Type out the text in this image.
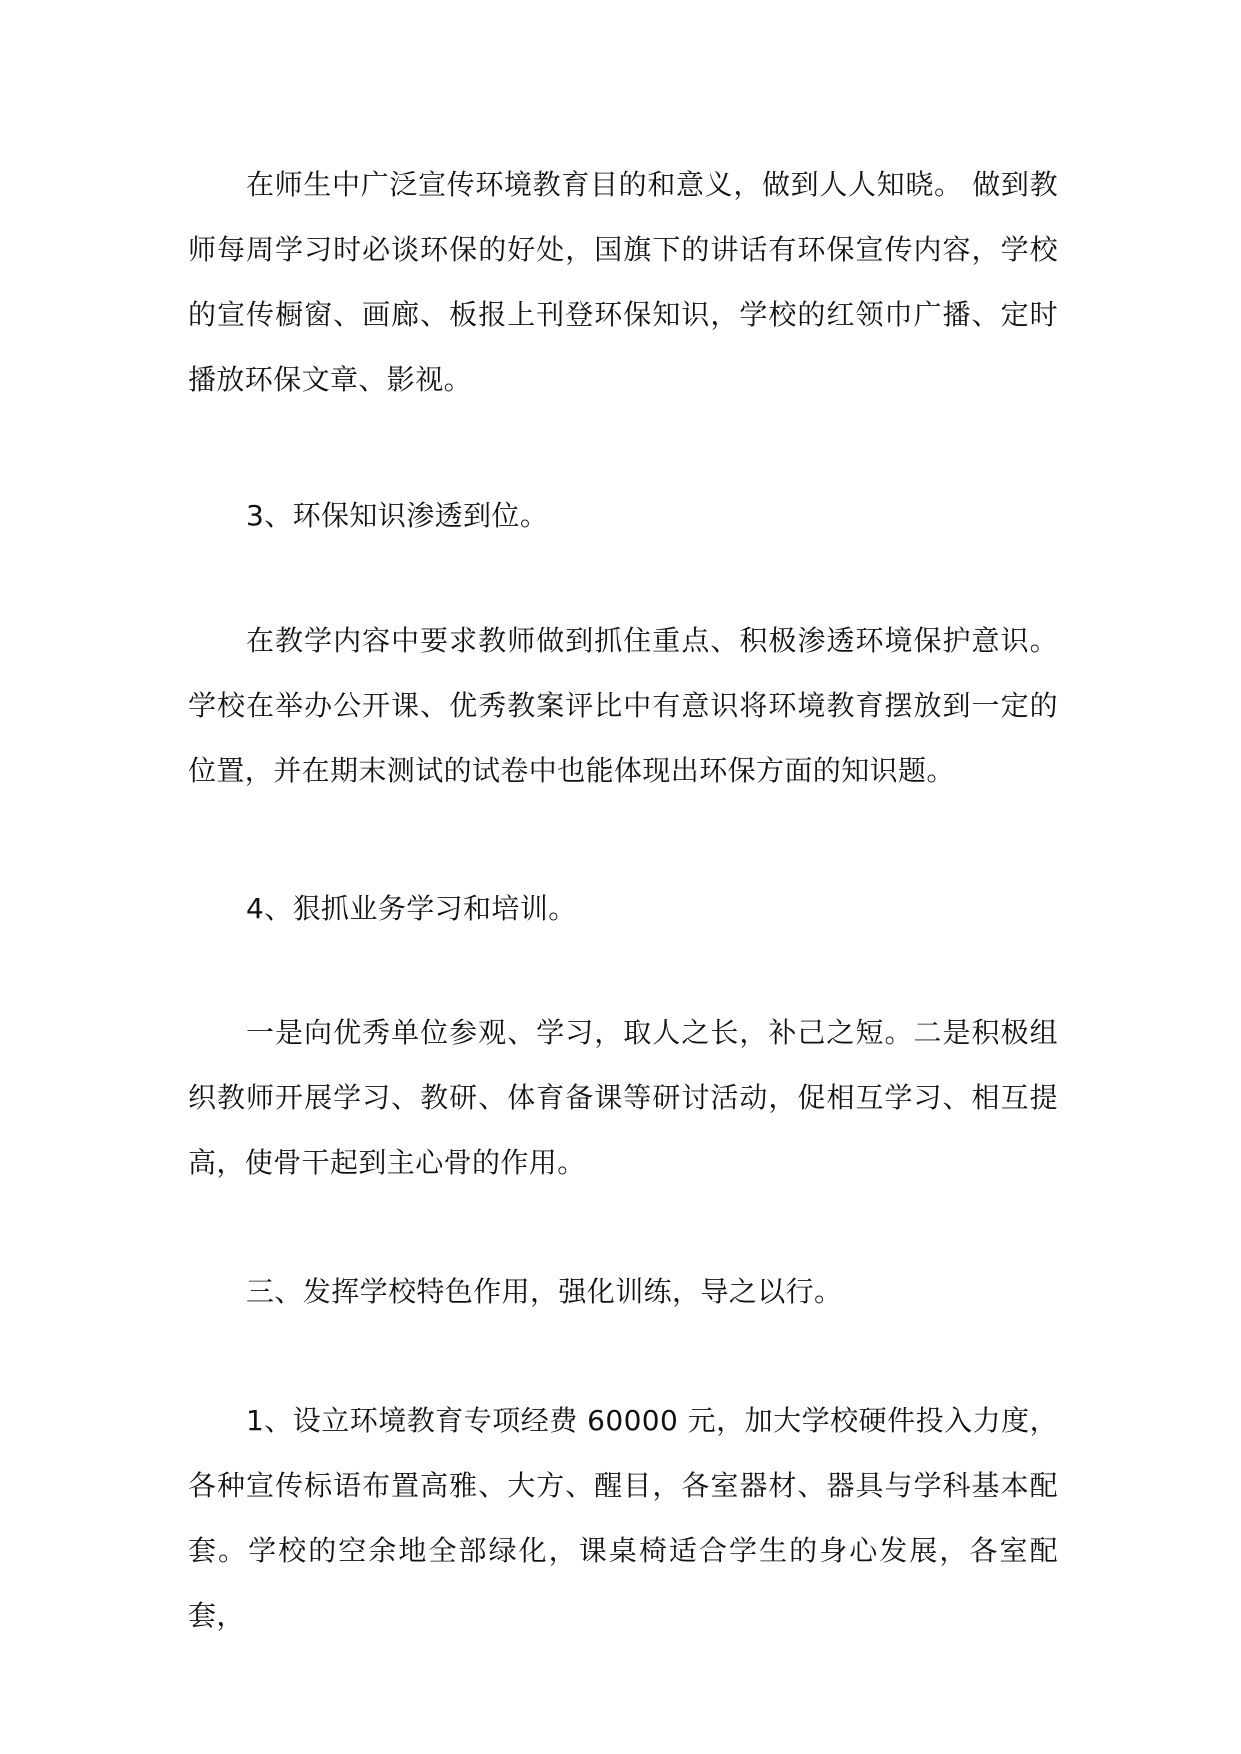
在师生中广泛宣传环境教育目的和意义，做到人人知晓。 做到教师每周学习时必谈环保的好处，国旗下的讲话有环保宣传内容，学校的宣传橱窗、画廊、板报上刊登环保知识，学校的红领巾广播、定时播放环保文章、影视。

3、环保知识渗透到位。

在教学内容中要求教师做到抓住重点、积极渗透环境保护意识。学校在举办公开课、优秀教案评比中有意识将环境教育摆放到一定的位置，并在期末测试的试卷中也能体现出环保方面的知识题。

4、狠抓业务学习和培训。

一是向优秀单位参观、学习，取人之长，补己之短。二是积极组织教师开展学习、教研、体育备课等研讨活动，促相互学习、相互提高，使骨干起到主心骨的作用。

三、发挥学校特色作用，强化训练，导之以行。

1、设立环境教育专项经费 60000 元，加大学校硬件投入力度，各种宣传标语布置高雅、大方、醒目，各室器材、器具与学科基本配套。学校的空余地全部绿化，课桌椅适合学生的身心发展，各室配套，
